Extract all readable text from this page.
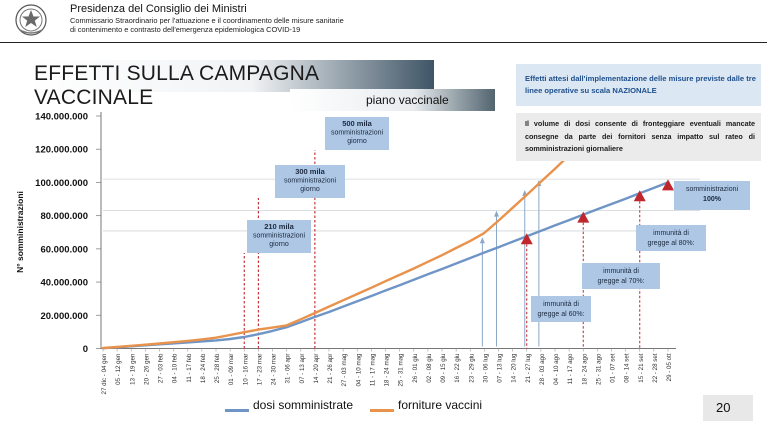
Presidenza del Consiglio dei Ministri
Commissario Straordinario per l'attuazione e il coordinamento delle misure sanitarie
di contenimento e contrasto dell'emergenza epidemiologica COVID-19
EFFETTI SULLA CAMPAGNA VACCINALE	piano vaccinale
N° somministrazioni
0
20.000.000
40.000.000
60.000.000
80.000.000
100.000.000
120.000.000
140.000.000
27 dic - 04 gen 05 - 12 gen 13 - 19 gen 20 - 26 gen 27 - 03 feb 04 - 10 feb 11 - 17 feb 18 - 24 feb 25 - 28 feb 01 - 09 mar 10 - 16 mar 17 - 23 mar 24 - 30 mar 31 - 06 apr 07 - 13 apr 14 - 20 apr 21 - 26 apr 27 - 03 mag 04 - 10 mag 11 - 17 mag 18 - 24 mag 25 - 31 mag 26 - 01 giu 02 - 08 giu 09 - 15 giu 16 - 22 giu 23 - 29 giu 30 - 06 lug 07 - 13 lug 14 - 20 lug 21 - 27 lug 28 - 03 ago 04 - 10 ago 11 - 17 ago 18 - 24 ago 25 - 31 ago 01 - 07 set 08 - 14 set 15 - 21 set 22 - 28 set 29 - 05 ott
210 mila
somministrazioni
giorno
300 mila
somministrazioni
giorno
500 mila
somministrazioni
giorno
immunità di
gregge al 60%:
immunità di
gregge al 70%:
immunità di
gregge al 80%:
somministrazioni
100%
Effetti attesi dall'implementazione delle misure previste dalle tre linee operative su scala NAZIONALE
Il volume di dosi consente di fronteggiare eventuali mancate consegne da parte dei fornitori senza impatto sul rateo di somministrazioni giornaliere
dosi somministrate	forniture vaccini	20
